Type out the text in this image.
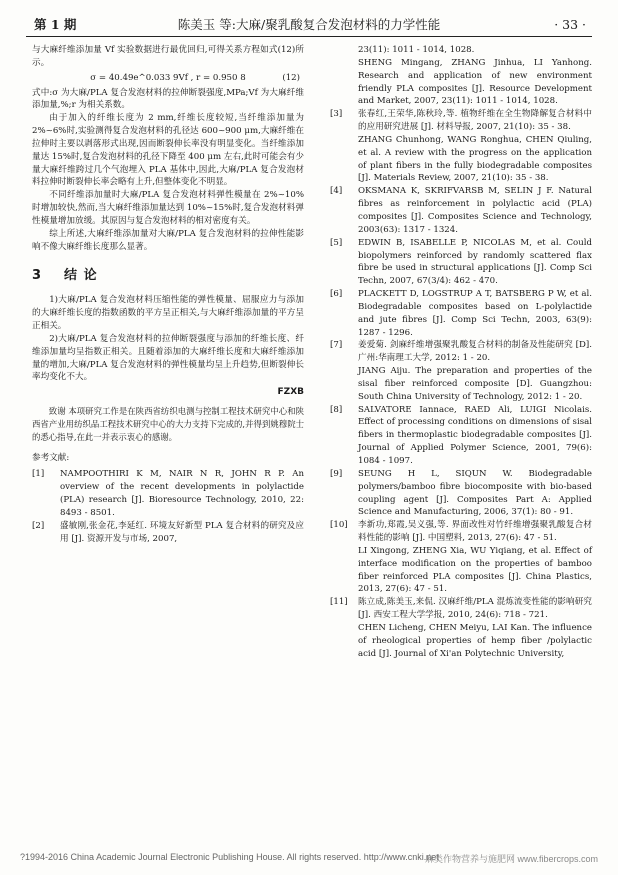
第 1 期	陈美玉 等:大麻/聚乳酸复合发泡材料的力学性能	· 33 ·

与大麻纤维添加量 Vf 实验数据进行最优回归,可得关系方程如式(12)所示。

σ = 40.49e^0.033 9Vf , r = 0.950 8	(12)

式中:σ 为大麻/PLA 复合发泡材料的拉伸断裂强度,MPa;Vf 为大麻纤维添加量,%;r 为相关系数。

由于加入的纤维长度为 2 mm,纤维长度较短,当纤维添加量为 2%~6%时,实验测得复合发泡材料的孔径达 600~900 μm,大麻纤维在拉伸时主要以剥落形式出现,因而断裂伸长率没有明显变化。当纤维添加量达 15%时,复合发泡材料的孔径下降至 400 μm 左右,此时可能会有少量大麻纤维跨过几个气泡埋入 PLA 基体中,因此,大麻/PLA 复合发泡材料拉伸时断裂伸长率会略有上升,但整体变化不明显。

不同纤维添加量时大麻/PLA 复合发泡材料弹性模量在 2%~10%时增加较快,然而,当大麻纤维添加量达到 10%~15%时,复合发泡材料弹性模量增加放缓。其原因与复合发泡材料的相对密度有关。

综上所述,大麻纤维添加量对大麻/PLA 复合发泡材料的拉伸性能影响不像大麻纤维长度那么显著。

3 结 论

1)大麻/PLA 复合发泡材料压缩性能的弹性模量、屈服应力与添加的大麻纤维长度的指数函数的平方呈正相关,与大麻纤维添加量的平方呈正相关。

2)大麻/PLA 复合发泡材料的拉伸断裂强度与添加的纤维长度、纤维添加量均呈指数正相关。且随着添加的大麻纤维长度和大麻纤维添加量的增加,大麻/PLA 复合发泡材料的弹性模量均呈上升趋势,但断裂伸长率均变化不大。

FZXB

致谢 本项研究工作是在陕西省纺织电测与控制工程技术研究中心和陕西省产业用纺织品工程技术研究中心的大力支持下完成的,并得到姚穆院士的悉心指导,在此一并表示衷心的感谢。

参考文献:

[1] NAMPOOTHIRI K M, NAIR N R, JOHN R P. An overview of the recent developments in polylactide (PLA) research [J]. Bioresource Technology, 2010, 22: 8493 - 8501.
[2] 盛敏刚,张金花,李延红. 环境友好新型 PLA 复合材料的研究及应用 [J]. 资源开发与市场, 2007,
23(11): 1011 - 1014, 1028.
SHENG Mingang, ZHANG Jinhua, LI Yanhong. Research and application of new environment friendly PLA composites [J]. Resource Development and Market, 2007, 23(11): 1011 - 1014, 1028.
[3] 张春红,王荣华,陈秋玲,等. 植物纤维在全生物降解复合材料中的应用研究进展 [J]. 材料导报, 2007, 21(10): 35 - 38.
ZHANG Chunhong, WANG Ronghua, CHEN Qiuling, et al. A review with the progress on the application of plant fibers in the fully biodegradable composites [J]. Materials Review, 2007, 21(10): 35 - 38.
[4] OKSMANA K, SKRIFVARSB M, SELIN J F. Natural fibres as reinforcement in polylactic acid (PLA) composites [J]. Composites Science and Technology, 2003(63): 1317 - 1324.
[5] EDWIN B, ISABELLE P, NICOLAS M, et al. Could biopolymers reinforced by randomly scattered flax fibre be used in structural applications [J]. Comp Sci Techn, 2007, 67(3/4): 462 - 470.
[6] PLACKETT D, LOGSTRUP A T, BATSBERG P W, et al. Biodegradable composites based on L-polylactide and jute fibres [J]. Comp Sci Techn, 2003, 63(9): 1287 - 1296.
[7] 姜爱菊. 剑麻纤维增强聚乳酸复合材料的制备及性能研究 [D]. 广州:华南理工大学, 2012: 1 - 20.
JIANG Aiju. The preparation and properties of the sisal fiber reinforced composite [D]. Guangzhou: South China University of Technology, 2012: 1 - 20.
[8] SALVATORE Iannace, RAED Ali, LUIGI Nicolais. Effect of processing conditions on dimensions of sisal fibers in thermoplastic biodegradable composites [J]. Journal of Applied Polymer Science, 2001, 79(6): 1084 - 1097.
[9] SEUNG H L, SIQUN W. Biodegradable polymers/bamboo fibre biocomposite with bio-based coupling agent [J]. Composites Part A: Applied Science and Manufacturing, 2006, 37(1): 80 - 91.
[10] 李新功,郑霞,吴义强,等. 界面改性对竹纤维增强聚乳酸复合材料性能的影响 [J]. 中国塑料, 2013, 27(6): 47 - 51.
LI Xingong, ZHENG Xia, WU Yiqiang, et al. Effect of interface modification on the properties of bamboo fiber reinforced PLA composites [J]. China Plastics, 2013, 27(6): 47 - 51.
[11] 陈立成,陈美玉,来侃. 汉麻纤维/PLA 混炼流变性能的影响研究 [J]. 西安工程大学学报, 2010, 24(6): 718 - 721.
CHEN Licheng, CHEN Meiyu, LAI Kan. The influence of rheological properties of hemp fiber /polylactic acid [J]. Journal of Xi'an Polytechnic University,
?1994-2016 China Academic Journal Electronic Publishing House. All rights reserved. http://www.cnki.net
麻类作物营养与施肥网 www.fibercrops.com
